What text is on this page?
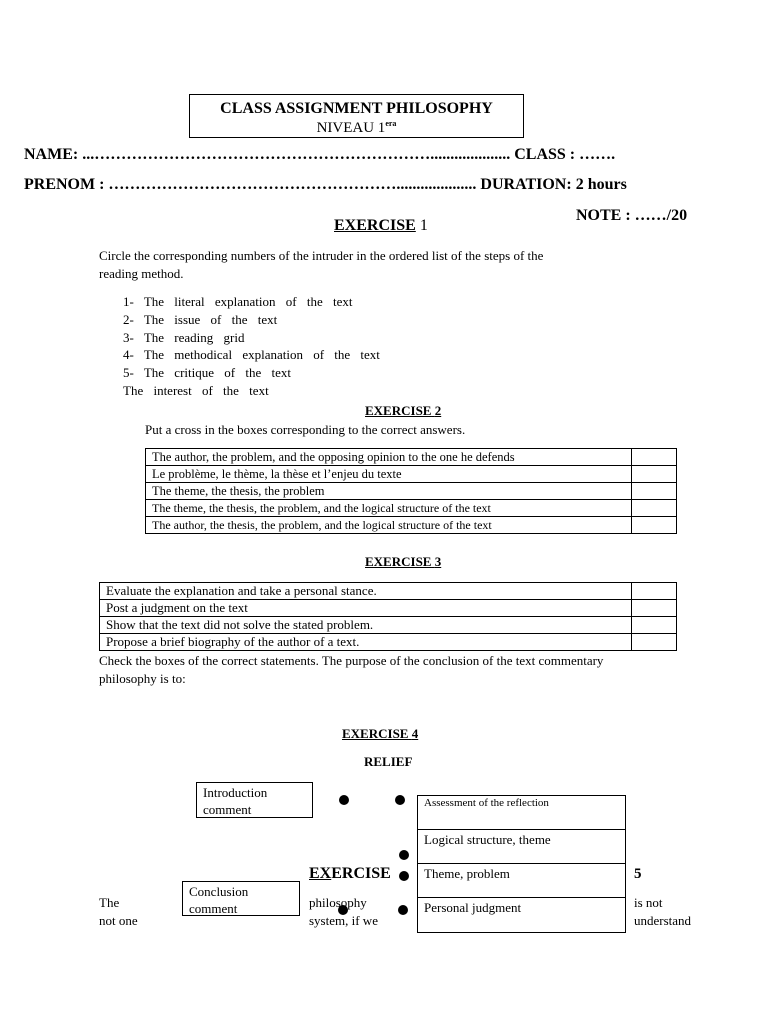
CLASS ASSIGNMENT PHILOSOPHY
NIVEAU $1^{era}$
NAME: ...……………………………………………………….................... CLASS : …….
PRENOM : ……………………………………………….................... DURATION: 2 hours
NOTE : ……/20
EXERCISE 1
Circle the corresponding numbers of the intruder in the ordered list of the steps of the
reading method.
1- The literal explanation of the text
2- The issue of the text
3- The reading grid
4- The methodical explanation of the text
5- The critique of the text
The interest of the text
EXERCISE 2
Put a cross in the boxes corresponding to the correct answers.
The author, the problem, and the opposing opinion to the one he defends	
Le problème, le thème, la thèse et l’enjeu du texte	
The theme, the thesis, the problem	
The theme, the thesis, the problem, and the logical structure of the text	
The author, the thesis, the problem, and the logical structure of the text	
EXERCISE 3
Evaluate the explanation and take a personal stance.	
Post a judgment on the text	
Show that the text did not solve the stated problem.	
Propose a brief biography of the author of a text.	
Check the boxes of the correct statements. The purpose of the conclusion of the text commentary
philosophy is to:
EXERCISE 4
RELIEF
Introduction
comment
Conclusion
comment
Assessment of the reflection
Logical structure, theme
Theme, problem
Personal judgment
EXERCISE	5
The
not one
philosophy
system, if we
is not
understand
